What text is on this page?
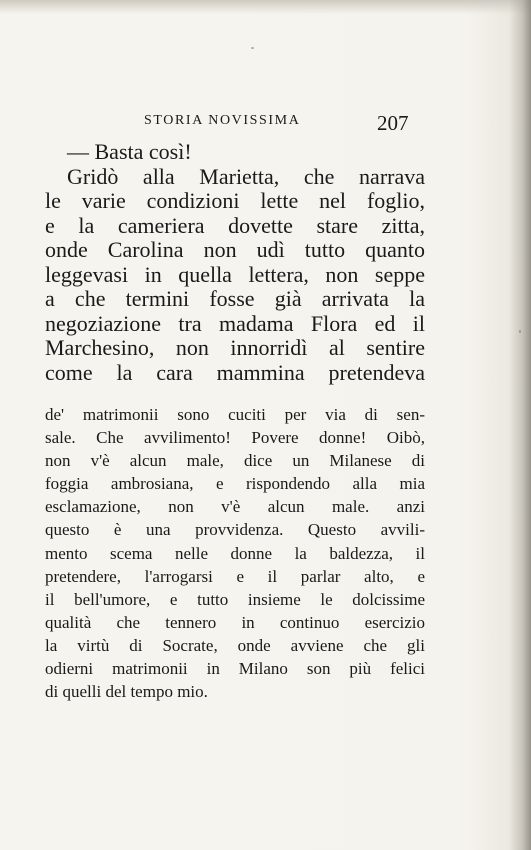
STORIA NOVISSIMA	207
— Basta così!
Gridò alla Marietta, che narrava
le varie condizioni lette nel foglio,
e la cameriera dovette stare zitta,
onde Carolina non udì tutto quanto
leggevasi in quella lettera, non seppe
a che termini fosse già arrivata la
negoziazione tra madama Flora ed il
Marchesino, non innorridì al sentire
come la cara mammina pretendeva
de' matrimonii sono cuciti per via di sen-
sale. Che avvilimento! Povere donne! Oibò,
non v'è alcun male, dice un Milanese di
foggia ambrosiana, e rispondendo alla mia
esclamazione, non v'è alcun male. anzi
questo è una provvidenza. Questo avvili-
mento scema nelle donne la baldezza, il
pretendere, l'arrogarsi e il parlar alto, e
il bell'umore, e tutto insieme le dolcissime
qualità che tennero in continuo esercizio
la virtù di Socrate, onde avviene che gli
odierni matrimonii in Milano son più felici
di quelli del tempo mio.
